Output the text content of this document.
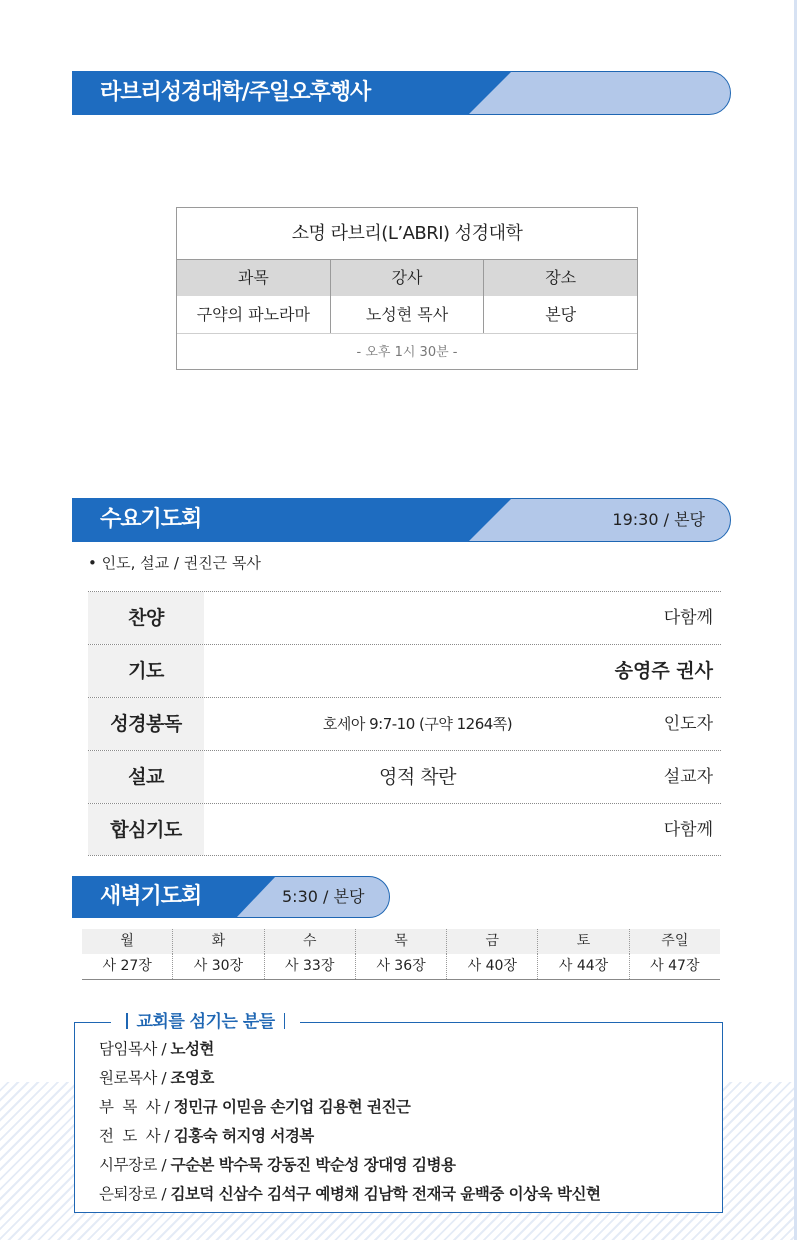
라브리성경대학/주일오후행사
소명 라브리(L’ABRI) 성경대학
과목	강사	장소
구약의 파노라마	노성현 목사	본당
- 오후 1시 30분 -
수요기도회	19:30 / 본당
• 인도, 설교 / 권진근 목사
찬양	다함께
기도	송영주 권사
성경봉독	호세아 9:7-10 (구약 1264쪽)	인도자
설교	영적 착란	설교자
합심기도	다함께
새벽기도회	5:30 / 본당
월	화	수	목	금	토	주일
사 27장	사 30장	사 33장	사 36장	사 40장	사 44장	사 47장
교회를 섬기는 분들
담임목사 / 노성현
원로목사 / 조영호
부  목  사 / 정민규 이믿음 손기업 김용현 권진근
전  도  사 / 김홍숙 허지영 서경복
시무장로 / 구순본 박수묵 강동진 박순성 장대영 김병용
은퇴장로 / 김보덕 신삼수 김석구 예병채 김남학 전재국 윤백중 이상욱 박신현
